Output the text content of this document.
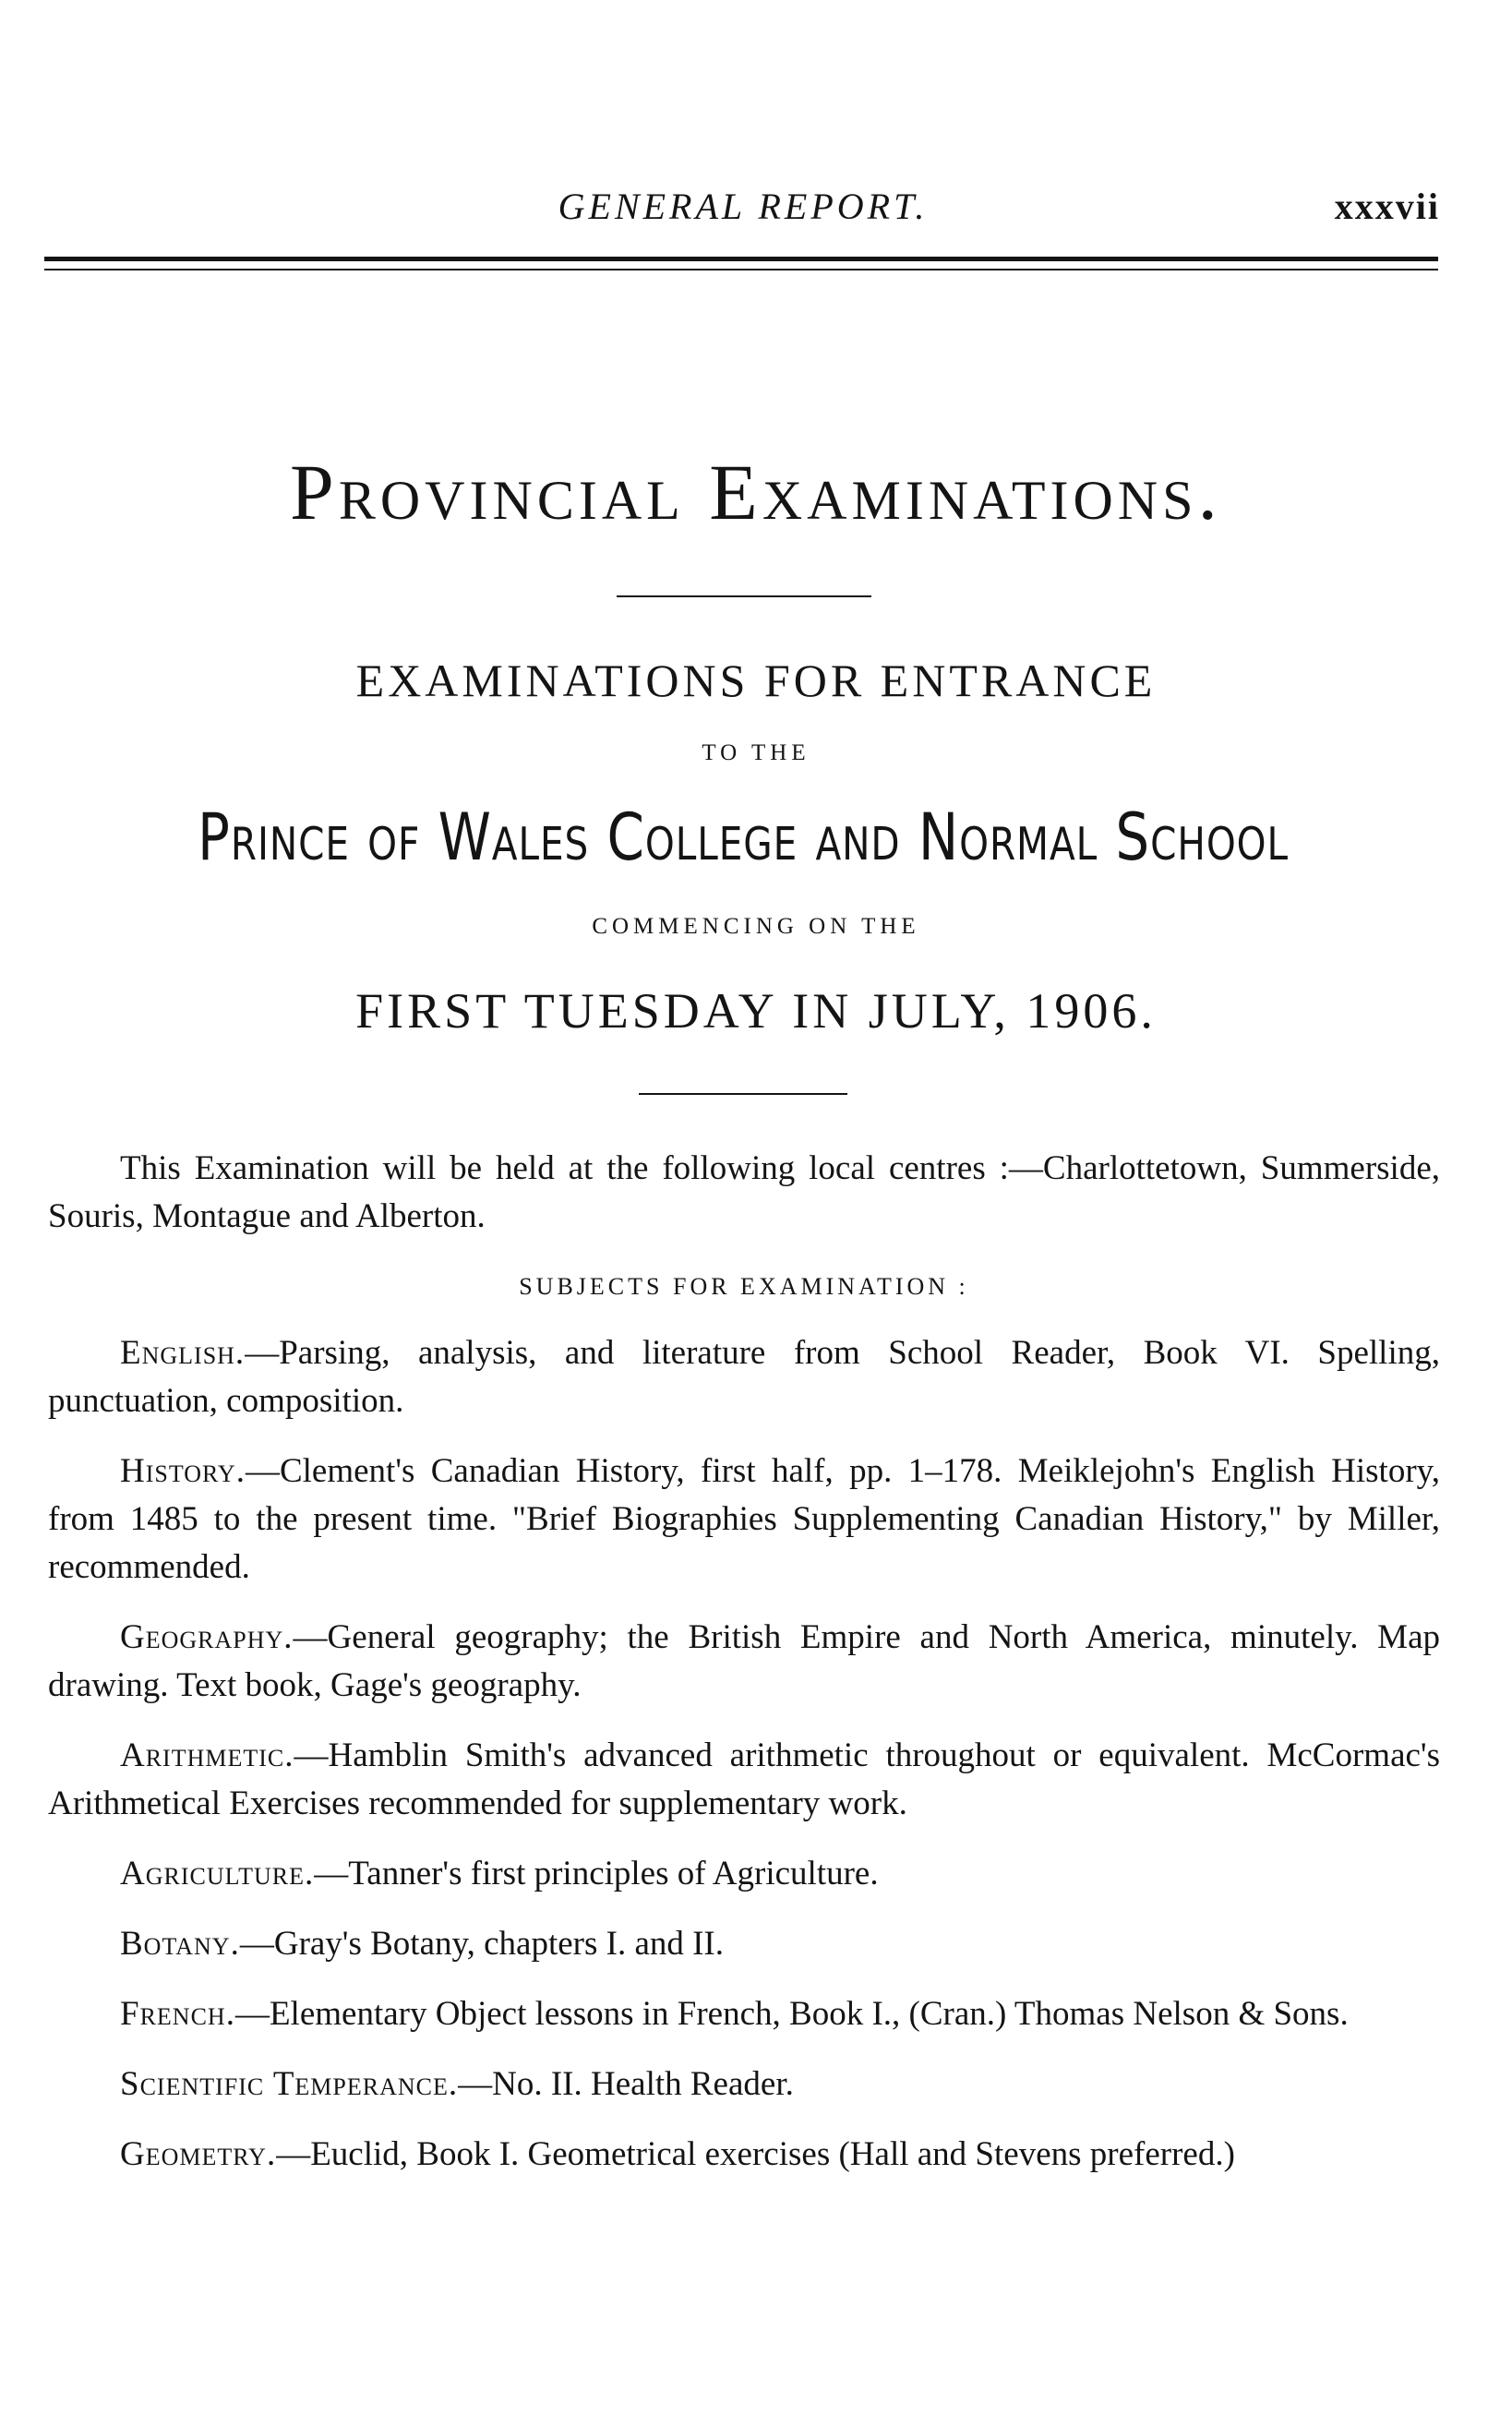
GENERAL REPORT.	xxxvii
Provincial Examinations.
EXAMINATIONS FOR ENTRANCE
TO THE
Prince of Wales College and Normal School
COMMENCING ON THE
FIRST TUESDAY IN JULY, 1906.

This Examination will be held at the following local centres :—Charlottetown, Summerside, Souris, Montague and Alberton.

SUBJECTS FOR EXAMINATION :

English.—Parsing, analysis, and literature from School Reader, Book VI. Spelling, punctuation, composition.

History.—Clement's Canadian History, first half, pp. 1–178. Meiklejohn's English History, from 1485 to the present time. "Brief Biographies Supplementing Canadian History," by Miller, recommended.

Geography.—General geography; the British Empire and North America, minutely. Map drawing. Text book, Gage's geography.

Arithmetic.—Hamblin Smith's advanced arithmetic throughout or equivalent. McCormac's Arithmetical Exercises recommended for supplementary work.

Agriculture.—Tanner's first principles of Agriculture.

Botany.—Gray's Botany, chapters I. and II.

French.—Elementary Object lessons in French, Book I., (Cran.) Thomas Nelson & Sons.

Scientific Temperance.—No. II. Health Reader.

Geometry.—Euclid, Book I. Geometrical exercises (Hall and Stevens preferred.)
